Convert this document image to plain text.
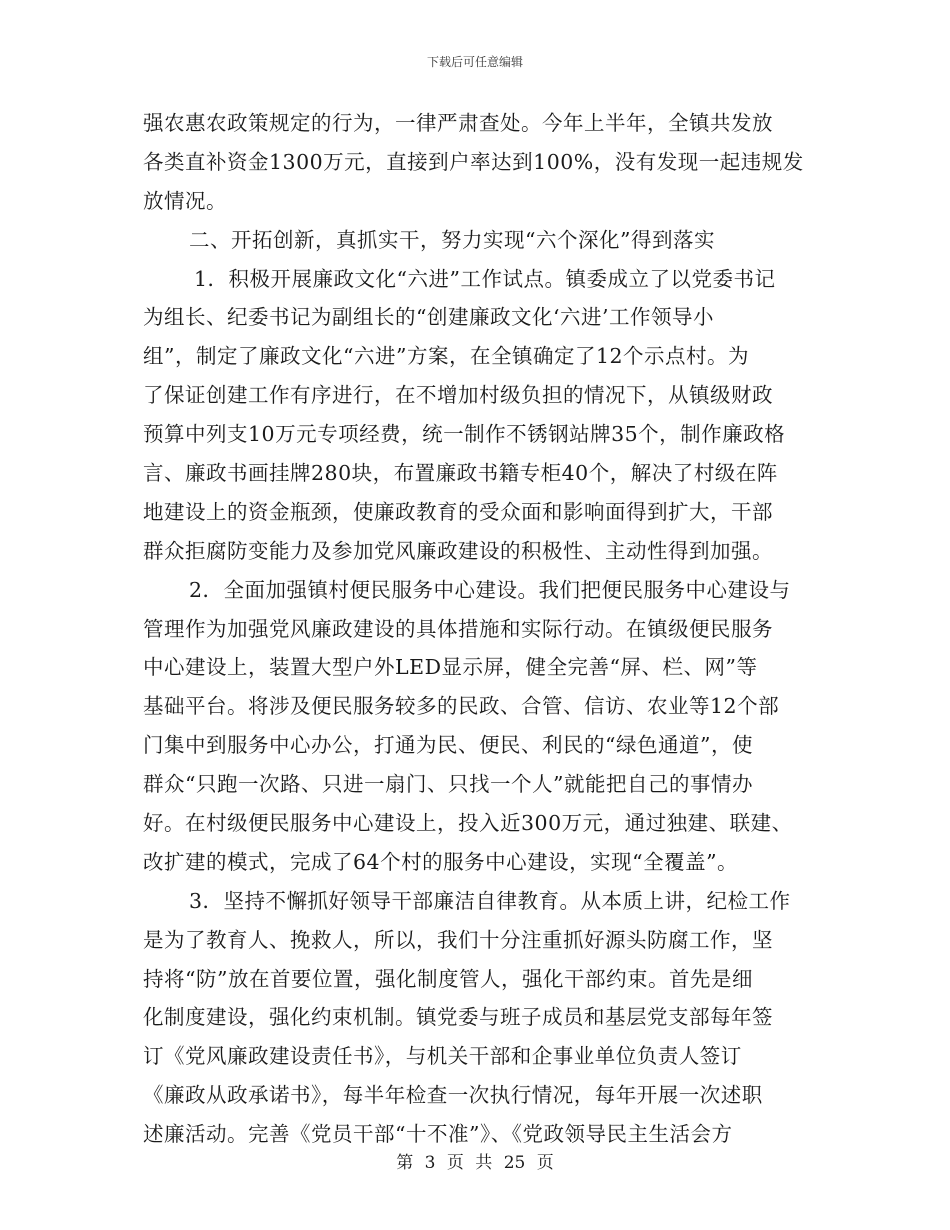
下载后可任意编辑
强农惠农政策规定的行为，一律严肃查处。今年上半年，全镇共发放
各类直补资金1300万元，直接到户率达到100%，没有发现一起违规发
放情况。
二、开拓创新，真抓实干，努力实现“六个深化”得到落实
1．积极开展廉政文化“六进”工作试点。镇委成立了以党委书记
为组长、纪委书记为副组长的“创建廉政文化‘六进’工作领导小
组”，制定了廉政文化“六进”方案，在全镇确定了12个示点村。为
了保证创建工作有序进行，在不增加村级负担的情况下，从镇级财政
预算中列支10万元专项经费，统一制作不锈钢站牌35个，制作廉政格
言、廉政书画挂牌280块，布置廉政书籍专柜40个，解决了村级在阵
地建设上的资金瓶颈，使廉政教育的受众面和影响面得到扩大，干部
群众拒腐防变能力及参加党风廉政建设的积极性、主动性得到加强。
2．全面加强镇村便民服务中心建设。我们把便民服务中心建设与
管理作为加强党风廉政建设的具体措施和实际行动。在镇级便民服务
中心建设上，装置大型户外LED显示屏，健全完善“屏、栏、网”等
基础平台。将涉及便民服务较多的民政、合管、信访、农业等12个部
门集中到服务中心办公，打通为民、便民、利民的“绿色通道”，使
群众“只跑一次路、只进一扇门、只找一个人”就能把自己的事情办
好。在村级便民服务中心建设上，投入近300万元，通过独建、联建、
改扩建的模式，完成了64个村的服务中心建设，实现“全覆盖”。
3．坚持不懈抓好领导干部廉洁自律教育。从本质上讲，纪检工作
是为了教育人、挽救人，所以，我们十分注重抓好源头防腐工作，坚
持将“防”放在首要位置，强化制度管人，强化干部约束。首先是细
化制度建设，强化约束机制。镇党委与班子成员和基层党支部每年签
订《党风廉政建设责任书》，与机关干部和企事业单位负责人签订
《廉政从政承诺书》，每半年检查一次执行情况，每年开展一次述职
述廉活动。完善《党员干部“十不准”》、《党政领导民主生活会方
第 3 页 共 25 页
